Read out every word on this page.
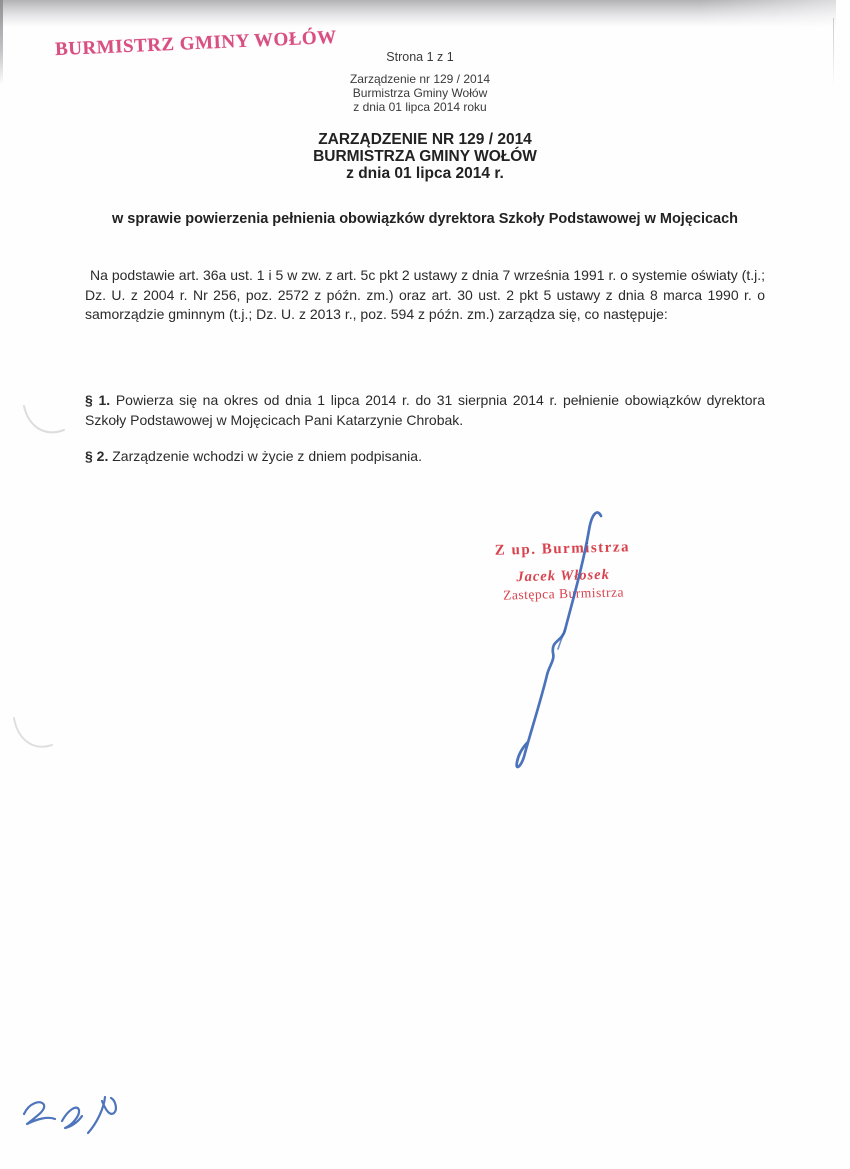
BURMISTRZ GMINY WOŁÓW	Strona 1 z 1
Zarządzenie nr 129 / 2014
Burmistrza Gminy Wołów
z dnia 01 lipca 2014 roku
ZARZĄDZENIE NR 129 / 2014
BURMISTRZA GMINY WOŁÓW
z dnia 01 lipca 2014 r.
w sprawie powierzenia pełnienia obowiązków dyrektora Szkoły Podstawowej w Mojęcicach
Na podstawie art. 36a ust. 1 i 5 w zw. z art. 5c pkt 2 ustawy z dnia 7 września 1991 r. o systemie oświaty (t.j.; Dz. U. z 2004 r. Nr 256, poz. 2572 z późn. zm.) oraz art. 30 ust. 2 pkt 5 ustawy z dnia 8 marca 1990 r. o samorządzie gminnym (t.j.; Dz. U. z 2013 r., poz. 594 z późn. zm.) zarządza się, co następuje:
§ 1. Powierza się na okres od dnia 1 lipca 2014 r. do 31 sierpnia 2014 r. pełnienie obowiązków dyrektora Szkoły Podstawowej w Mojęcicach Pani Katarzynie Chrobak.
§ 2. Zarządzenie wchodzi w życie z dniem podpisania.
Z up. Burmistrza
Jacek Włosek
Zastępca Burmistrza
